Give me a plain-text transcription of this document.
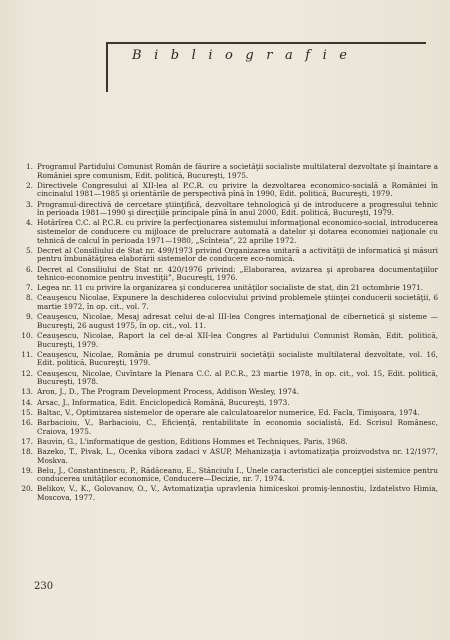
B i b l i o g r a f i e
1. Programul Partidului Comunist Român de făurire a societăţii socialiste multilateral dezvoltate şi înaintare a României spre comunism, Edit. politică, Bucureşti, 1975.
2. Directivele Congresului al XII-lea al P.C.R. cu privire la dezvoltarea economico-socială a României în cincinalul 1981—1985 şi orientările de perspectivă pînă în 1990, Edit. politică, Bucureşti, 1979.
3. Programul-directivă de cercetare ştiinţifică, dezvoltare tehnologică şi de introducere a progresului tehnic în perioada 1981—1990 şi direcţiile principale pînă în anul 2000, Edit. politică, Bucureşti, 1979.
4. Hotărîrea C.C. al P.C.R. cu privire la perfecţionarea sistemului informaţional economico-social, introducerea sistemelor de conducere cu mijloace de prelucrare automată a datelor şi dotarea economiei naţionale cu tehnică de calcul în perioada 1971—1980, „Scînteia”, 22 aprilie 1972.
5. Decret al Consiliului de Stat nr. 499/1973 privind Organizarea unitară a activităţii de informatică şi măsuri pentru îmbunătăţirea elaborării sistemelor de conducere eco-nomică.
6. Decret al Consiliului de Stat nr. 420/1976 privind: „Elaborarea, avizarea şi aprobarea documentaţiilor tehnico-economice pentru investiţii”, Bucureşti, 1976.
7. Legea nr. 11 cu privire la organizarea şi conducerea unităţilor socialiste de stat, din 21 octombrie 1971.
8. Ceauşescu Nicolae, Expunere la deschiderea colocviului privind problemele ştiinţei conducerii societăţii, 6 martie 1972, în op. cit., vol. 7.
9. Ceauşescu, Nicolae, Mesaj adresat celui de-al III-lea Congres internaţional de cibernetică şi sisteme — Bucureşti, 26 august 1975, în op. cit., vol. 11.
10. Ceauşescu, Nicolae, Raport la cel de-al XII-lea Congres al Partidului Comunist Român, Edit. politică, Bucureşti, 1979.
11. Ceauşescu, Nicolae, România pe drumul construirii societăţii socialiste multilateral dezvoltate, vol. 16, Edit. politică, Bucureşti, 1979.
12. Ceauşescu, Nicolae, Cuvîntare la Plenara C.C. al P.C.R., 23 martie 1978, în op. cit., vol. 15, Edit. politică, Bucureşti, 1978.
13. Aron, J., D., The Program Development Process, Addison Wesley, 1974.
14. Arsac, J., Informatica, Edit. Enciclopedică Română, Bucureşti, 1973.
15. Baltac, V., Optimizarea sistemelor de operare ale calculatoarelor numerice, Ed. Facla, Timişoara, 1974.
16. Barbacioiu, V., Barbacioiu, C., Eficienţă, rentabilitate în economia socialistă, Ed. Scrisul Românesc, Craiova, 1975.
17. Bauvin, G., L'informatique de gestion, Editions Hommes et Techniques, Paris, 1968.
18. Bazeko, T., Pivak, L., Ocenka vibora zadaci v ASUP, Mehanizaţia i avtomatizaţia proizvodstva nr. 12/1977, Moskva.
19. Belu, J., Constantinescu, P., Rădăceanu, E., Stănciulu I., Unele caracteristici ale concepţiei sistemice pentru conducerea unităţilor economice, Conducere—Decizie, nr. 7, 1974.
20. Belikov, V., K., Golovanov, O., V., Avtomatizaţia upravlenia himiceskoi promiş-lennostiu, Izdatelstvo Himia, Moscova, 1977.
230
